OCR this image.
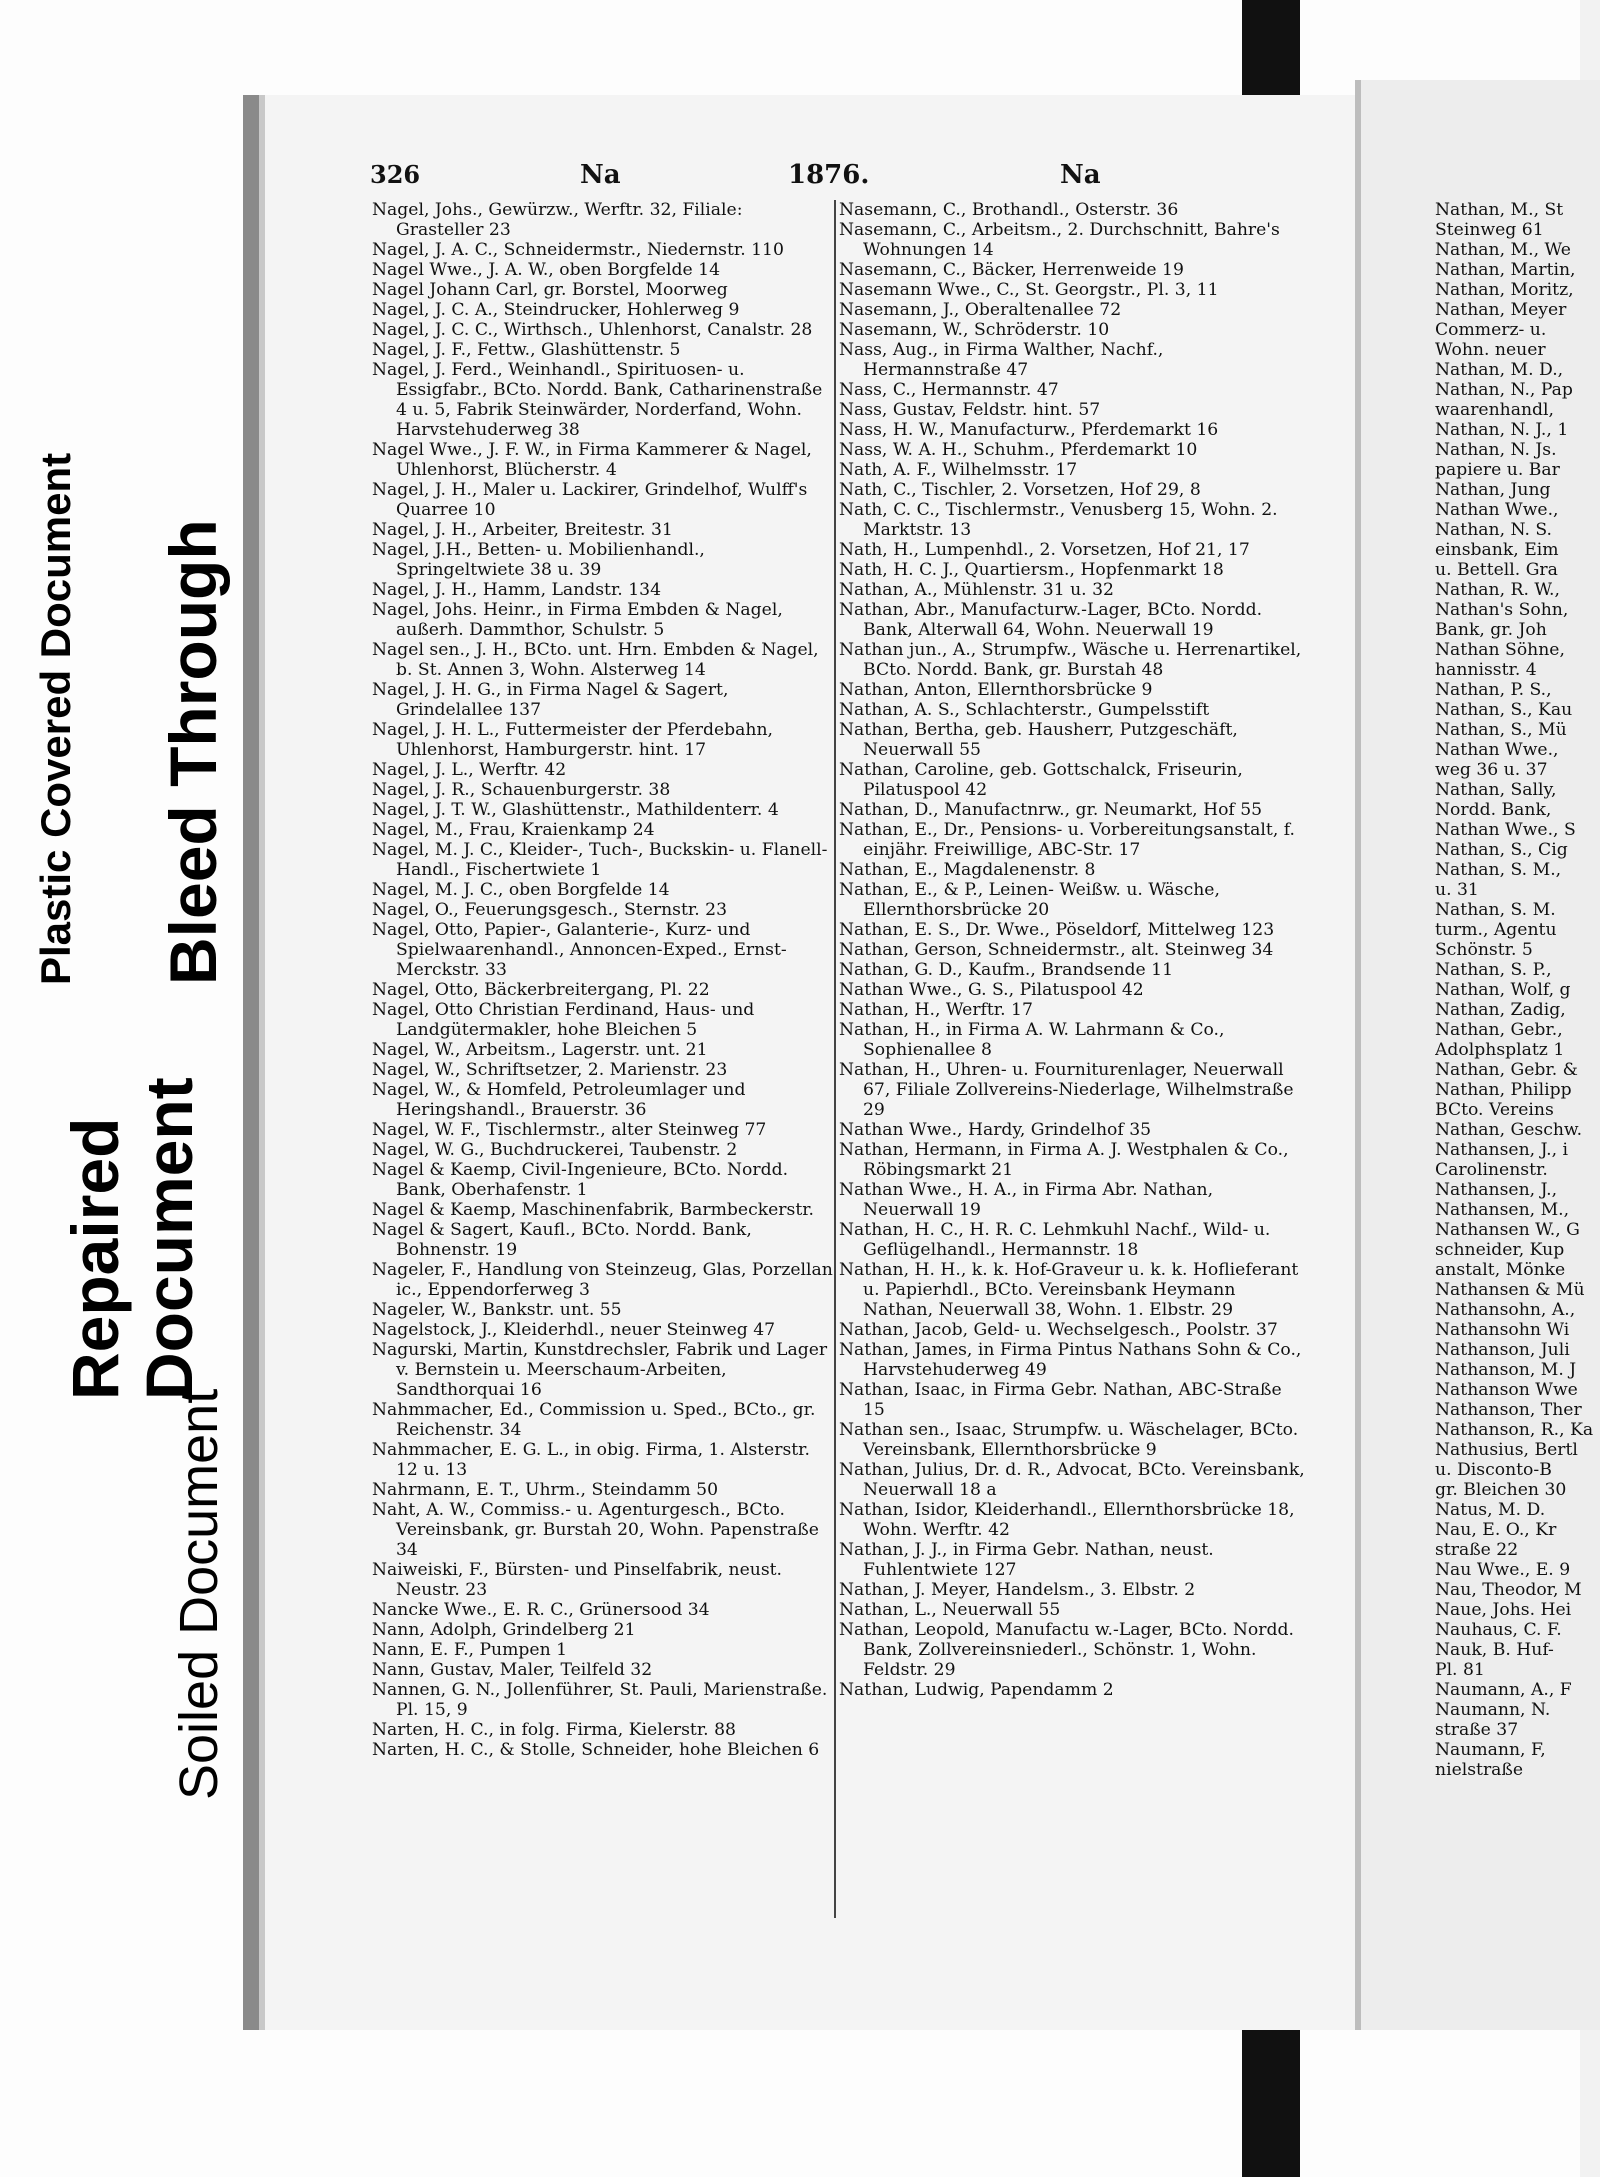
Plastic Covered Document Bleed Through
Repaired Document
Soiled Document
326	Na	1876.	Na
Nagel, Johs., Gewürzw., Werftr. 32, Filiale: Grasteller 23
Nagel, J. A. C., Schneidermstr., Niedernstr. 110
Nagel Wwe., J. A. W., oben Borgfelde 14
Nagel Johann Carl, gr. Borstel, Moorweg
Nagel, J. C. A., Steindrucker, Hohlerweg 9
Nagel, J. C. C., Wirthsch., Uhlenhorst, Canalstr. 28
Nagel, J. F., Fettw., Glashüttenstr. 5
Nagel, J. Ferd., Weinhandl., Spirituosen- u. Essigfabr., BCto. Nordd. Bank, Catharinenstraße 4 u. 5, Fabrik Steinwärder, Norderfand, Wohn. Harvstehuderweg 38
Nagel Wwe., J. F. W., in Firma Kammerer & Nagel, Uhlenhorst, Blücherstr. 4
Nagel, J. H., Maler u. Lackirer, Grindelhof, Wulff's Quarree 10
Nagel, J. H., Arbeiter, Breitestr. 31
Nagel, J.H., Betten- u. Mobilienhandl., Springeltwiete 38 u. 39
Nagel, J. H., Hamm, Landstr. 134
Nagel, Johs. Heinr., in Firma Embden & Nagel, außerh. Dammthor, Schulstr. 5
Nagel sen., J. H., BCto. unt. Hrn. Embden & Nagel, b. St. Annen 3, Wohn. Alsterweg 14
Nagel, J. H. G., in Firma Nagel & Sagert, Grindelallee 137
Nagel, J. H. L., Futtermeister der Pferdebahn, Uhlenhorst, Hamburgerstr. hint. 17
Nagel, J. L., Werftr. 42
Nagel, J. R., Schauenburgerstr. 38
Nagel, J. T. W., Glashüttenstr., Mathildenterr. 4
Nagel, M., Frau, Kraienkamp 24
Nagel, M. J. C., Kleider-, Tuch-, Buckskin- u. Flanell-Handl., Fischertwiete 1
Nagel, M. J. C., oben Borgfelde 14
Nagel, O., Feuerungsgesch., Sternstr. 23
Nagel, Otto, Papier-, Galanterie-, Kurz- und Spielwaarenhandl., Annoncen-Exped., Ernst-Merckstr. 33
Nagel, Otto, Bäckerbreitergang, Pl. 22
Nagel, Otto Christian Ferdinand, Haus- und Landgütermakler, hohe Bleichen 5
Nagel, W., Arbeitsm., Lagerstr. unt. 21
Nagel, W., Schriftsetzer, 2. Marienstr. 23
Nagel, W., & Homfeld, Petroleumlager und Heringshandl., Brauerstr. 36
Nagel, W. F., Tischlermstr., alter Steinweg 77
Nagel, W. G., Buchdruckerei, Taubenstr. 2
Nagel & Kaemp, Civil-Ingenieure, BCto. Nordd. Bank, Oberhafenstr. 1
Nagel & Kaemp, Maschinenfabrik, Barmbeckerstr.
Nagel & Sagert, Kaufl., BCto. Nordd. Bank, Bohnenstr. 19
Nageler, F., Handlung von Steinzeug, Glas, Porzellan ic., Eppendorferweg 3
Nageler, W., Bankstr. unt. 55
Nagelstock, J., Kleiderhdl., neuer Steinweg 47
Nagurski, Martin, Kunstdrechsler, Fabrik und Lager v. Bernstein u. Meerschaum-Arbeiten, Sandthorquai 16
Nahmmacher, Ed., Commission u. Sped., BCto., gr. Reichenstr. 34
Nahmmacher, E. G. L., in obig. Firma, 1. Alsterstr. 12 u. 13
Nahrmann, E. T., Uhrm., Steindamm 50
Naht, A. W., Commiss.- u. Agenturgesch., BCto. Vereinsbank, gr. Burstah 20, Wohn. Papenstraße 34
Naiweiski, F., Bürsten- und Pinselfabrik, neust. Neustr. 23
Nancke Wwe., E. R. C., Grünersood 34
Nann, Adolph, Grindelberg 21
Nann, E. F., Pumpen 1
Nann, Gustav, Maler, Teilfeld 32
Nannen, G. N., Jollenführer, St. Pauli, Marienstraße. Pl. 15, 9
Narten, H. C., in folg. Firma, Kielerstr. 88
Narten, H. C., & Stolle, Schneider, hohe Bleichen 6
Nasemann, C., Brothandl., Osterstr. 36
Nasemann, C., Arbeitsm., 2. Durchschnitt, Bahre's Wohnungen 14
Nasemann, C., Bäcker, Herrenweide 19
Nasemann Wwe., C., St. Georgstr., Pl. 3, 11
Nasemann, J., Oberaltenallee 72
Nasemann, W., Schröderstr. 10
Nass, Aug., in Firma Walther, Nachf., Hermannstraße 47
Nass, C., Hermannstr. 47
Nass, Gustav, Feldstr. hint. 57
Nass, H. W., Manufacturw., Pferdemarkt 16
Nass, W. A. H., Schuhm., Pferdemarkt 10
Nath, A. F., Wilhelmsstr. 17
Nath, C., Tischler, 2. Vorsetzen, Hof 29, 8
Nath, C. C., Tischlermstr., Venusberg 15, Wohn. 2. Marktstr. 13
Nath, H., Lumpenhdl., 2. Vorsetzen, Hof 21, 17
Nath, H. C. J., Quartiersm., Hopfenmarkt 18
Nathan, A., Mühlenstr. 31 u. 32
Nathan, Abr., Manufacturw.-Lager, BCto. Nordd. Bank, Alterwall 64, Wohn. Neuerwall 19
Nathan jun., A., Strumpfw., Wäsche u. Herrenartikel, BCto. Nordd. Bank, gr. Burstah 48
Nathan, Anton, Ellernthorsbrücke 9
Nathan, A. S., Schlachterstr., Gumpelsstift
Nathan, Bertha, geb. Hausherr, Putzgeschäft, Neuerwall 55
Nathan, Caroline, geb. Gottschalck, Friseurin, Pilatuspool 42
Nathan, D., Manufactnrw., gr. Neumarkt, Hof 55
Nathan, E., Dr., Pensions- u. Vorbereitungsanstalt, f. einjähr. Freiwillige, ABC-Str. 17
Nathan, E., Magdalenenstr. 8
Nathan, E., & P., Leinen- Weißw. u. Wäsche, Ellernthorsbrücke 20
Nathan, E. S., Dr. Wwe., Pöseldorf, Mittelweg 123
Nathan, Gerson, Schneidermstr., alt. Steinweg 34
Nathan, G. D., Kaufm., Brandsende 11
Nathan Wwe., G. S., Pilatuspool 42
Nathan, H., Werftr. 17
Nathan, H., in Firma A. W. Lahrmann & Co., Sophienallee 8
Nathan, H., Uhren- u. Fourniturenlager, Neuerwall 67, Filiale Zollvereins-Niederlage, Wilhelmstraße 29
Nathan Wwe., Hardy, Grindelhof 35
Nathan, Hermann, in Firma A. J. Westphalen & Co., Röbingsmarkt 21
Nathan Wwe., H. A., in Firma Abr. Nathan, Neuerwall 19
Nathan, H. C., H. R. C. Lehmkuhl Nachf., Wild- u. Geflügelhandl., Hermannstr. 18
Nathan, H. H., k. k. Hof-Graveur u. k. k. Hoflieferant u. Papierhdl., BCto. Vereinsbank Heymann Nathan, Neuerwall 38, Wohn. 1. Elbstr. 29
Nathan, Jacob, Geld- u. Wechselgesch., Poolstr. 37
Nathan, James, in Firma Pintus Nathans Sohn & Co., Harvstehuderweg 49
Nathan, Isaac, in Firma Gebr. Nathan, ABC-Straße 15
Nathan sen., Isaac, Strumpfw. u. Wäschelager, BCto. Vereinsbank, Ellernthorsbrücke 9
Nathan, Julius, Dr. d. R., Advocat, BCto. Vereinsbank, Neuerwall 18 a
Nathan, Isidor, Kleiderhandl., Ellernthorsbrücke 18, Wohn. Werftr. 42
Nathan, J. J., in Firma Gebr. Nathan, neust. Fuhlentwiete 127
Nathan, J. Meyer, Handelsm., 3. Elbstr. 2
Nathan, L., Neuerwall 55
Nathan, Leopold, Manufactu w.-Lager, BCto. Nordd. Bank, Zollvereinsniederl., Schönstr. 1, Wohn. Feldstr. 29
Nathan, Ludwig, Papendamm 2
Nathan, M., St
Steinweg 61
Nathan, M., We
Nathan, Martin,
Nathan, Moritz,
Nathan, Meyer
Commerz- u.
Wohn. neuer
Nathan, M. D.,
Nathan, N., Pap
waarenhandl,
Nathan, N. J., 1
Nathan, N. Js.
papiere u. Bar
Nathan, Jung
Nathan Wwe.,
Nathan, N. S.
einsbank, Eim
u. Bettell. Gra
Nathan, R. W.,
Nathan's Sohn,
Bank, gr. Joh
Nathan Söhne,
hannisstr. 4
Nathan, P. S.,
Nathan, S., Kau
Nathan, S., Mü
Nathan Wwe.,
weg 36 u. 37
Nathan, Sally,
Nordd. Bank,
Nathan Wwe., S
Nathan, S., Cig
Nathan, S. M.,
u. 31
Nathan, S. M.
turm., Agentu
Schönstr. 5
Nathan, S. P.,
Nathan, Wolf, g
Nathan, Zadig,
Nathan, Gebr.,
Adolphsplatz 1
Nathan, Gebr. &
Nathan, Philipp
BCto. Vereins
Nathan, Geschw.
Nathansen, J., i
Carolinenstr.
Nathansen, J.,
Nathansen, M.,
Nathansen W., G
schneider, Kup
anstalt, Mönke
Nathansen & Mü
Nathansohn, A.,
Nathansohn Wi
Nathanson, Juli
Nathanson, M. J
Nathanson Wwe
Nathanson, Ther
Nathanson, R., Ka
Nathusius, Bertl
u. Disconto-B
gr. Bleichen 30
Natus, M. D.
Nau, E. O., Kr
straße 22
Nau Wwe., E. 9
Nau, Theodor, M
Naue, Johs. Hei
Nauhaus, C. F.
Nauk, B. Huf-
Pl. 81
Naumann, A., F
Naumann, N.
straße 37
Naumann, F,
nielstraße
